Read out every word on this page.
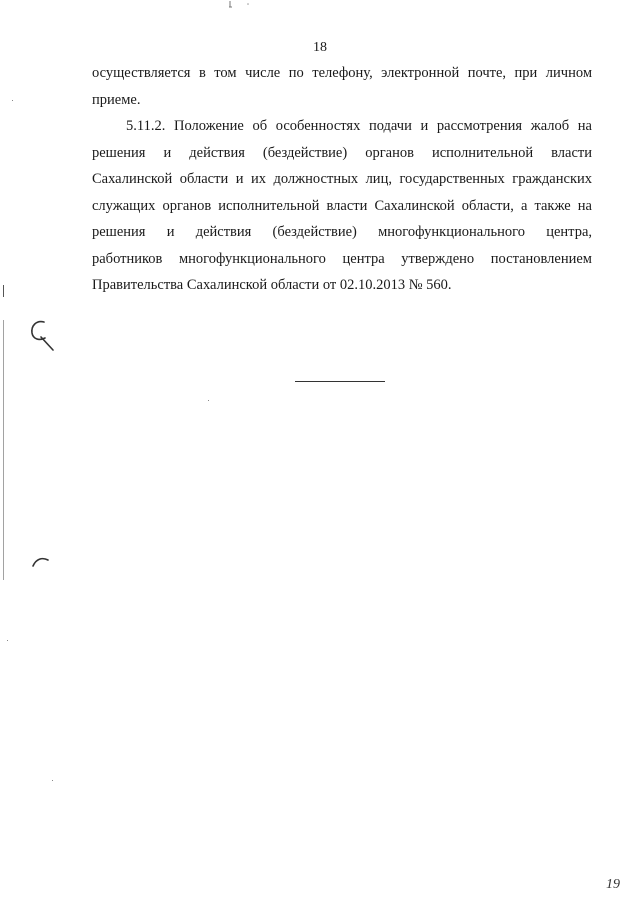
18
осуществляется в том числе по телефону, электронной почте, при личном
приеме.
5.11.2. Положение об особенностях подачи и рассмотрения жалоб на
решения и действия (бездействие) органов исполнительной власти
Сахалинской области и их должностных лиц, государственных гражданских
служащих органов исполнительной власти Сахалинской области, а также на
решения и действия (бездействие) многофункционального центра,
работников многофункционального центра утверждено постановлением
Правительства Сахалинской области от 02.10.2013 № 560.
19
